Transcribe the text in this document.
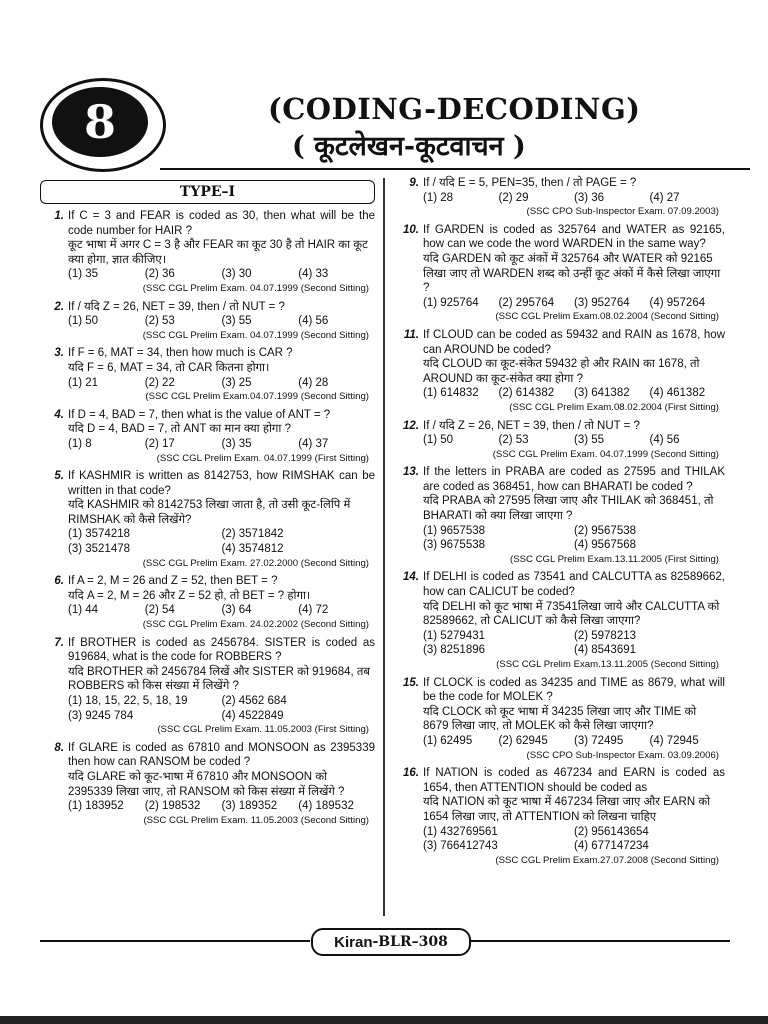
8	(CODING-DECODING)
( कूटलेखन-कूटवाचन )
TYPE–I
1. If C = 3 and FEAR is coded as 30, then what will be the code number for HAIR ?
कूट भाषा में अगर C = 3 है और FEAR का कूट 30 है तो HAIR का कूट क्या होगा, ज्ञात कीजिए।
(1) 35	(2) 36	(3) 30	(4) 33
(SSC CGL Prelim Exam. 04.07.1999 (Second Sitting)
2. If / यदि Z = 26, NET = 39, then / तो NUT = ?
(1) 50	(2) 53	(3) 55	(4) 56
(SSC CGL Prelim Exam. 04.07.1999 (Second Sitting)
3. If F = 6, MAT = 34, then how much is CAR ?
यदि F = 6, MAT = 34, तो CAR कितना होगा।
(1) 21	(2) 22	(3) 25	(4) 28
(SSC CGL Prelim Exam.04.07.1999 (Second Sitting)
4. If D = 4, BAD = 7, then what is the value of ANT = ?
यदि D = 4, BAD = 7, तो ANT का मान क्या होगा ?
(1) 8	(2) 17	(3) 35	(4) 37
(SSC CGL Prelim Exam. 04.07.1999 (First Sitting)
5. If KASHMIR is written as 8142753, how RIMSHAK can be written in that code?
यदि KASHMIR को 8142753 लिखा जाता है, तो उसी कूट-लिपि में RIMSHAK को कैसे लिखेंगे?
(1) 3574218	(2) 3571842
(3) 3521478	(4) 3574812
(SSC CGL Prelim Exam. 27.02.2000 (Second Sitting)
6. If A = 2, M = 26 and Z = 52, then BET = ?
यदि A = 2, M = 26 और Z = 52 हो, तो BET = ? होगा।
(1) 44	(2) 54	(3) 64	(4) 72
(SSC CGL Prelim Exam. 24.02.2002 (Second Sitting)
7. If BROTHER is coded as 2456784. SISTER is coded as 919684, what is the code for ROBBERS ?
यदि BROTHER को 2456784 लिखें और SISTER को 919684, तब ROBBERS को किस संख्या में लिखेंगे ?
(1) 18, 15, 22, 5, 18, 19	(2) 4562 684
(3) 9245 784	(4) 4522849
(SSC CGL Prelim Exam. 11.05.2003 (First Sitting)
8. If GLARE is coded as 67810 and MONSOON as 2395339 then how can RANSOM be coded ?
यदि GLARE को कूट-भाषा में 67810 और MONSOON को 2395339 लिखा जाए, तो RANSOM को किस संख्या में लिखेंगे ?
(1) 183952	(2) 198532	(3) 189352	(4) 189532
(SSC CGL Prelim Exam. 11.05.2003 (Second Sitting)
9. If / यदि E = 5, PEN=35, then / तो PAGE = ?
(1) 28	(2) 29	(3) 36	(4) 27
(SSC CPO Sub-Inspector Exam. 07.09.2003)
10. If GARDEN is coded as 325764 and WATER as 92165, how can we code the word WARDEN in the same way?
यदि GARDEN को कूट अंकों में 325764 और WATER को 92165 लिखा जाए तो WARDEN शब्द को उन्हीं कूट अंकों में कैसे लिखा जाएगा ?
(1) 925764	(2) 295764	(3) 952764	(4) 957264
(SSC CGL Prelim Exam.08.02.2004 (Second Sitting)
11. If CLOUD can be coded as 59432 and RAIN as 1678, how can AROUND be coded?
यदि CLOUD का कूट-संकेत 59432 हो और RAIN का 1678, तो AROUND का कूट-संकेत क्या होगा ?
(1) 614832	(2) 614382	(3) 641382	(4) 461382
(SSC CGL Prelim Exam.08.02.2004 (First Sitting)
12. If / यदि Z = 26, NET = 39, then / तो NUT = ?
(1) 50	(2) 53	(3) 55	(4) 56
(SSC CGL Prelim Exam. 04.07.1999 (Second Sitting)
13. If the letters in PRABA are coded as 27595 and THILAK are coded as 368451, how can BHARATI be coded ?
यदि PRABA को 27595 लिखा जाए और THILAK को 368451, तो BHARATI को क्या लिखा जाएगा ?
(1) 9657538	(2) 9567538
(3) 9675538	(4) 9567568
(SSC CGL Prelim Exam.13.11.2005 (First Sitting)
14. If DELHI is coded as 73541 and CALCUTTA as 82589662, how can CALICUT be coded?
यदि DELHI को कूट भाषा में 73541लिखा जाये और CALCUTTA को 82589662, तो CALICUT को कैसे लिखा जाएगा?
(1) 5279431	(2) 5978213
(3) 8251896	(4) 8543691
(SSC CGL Prelim Exam.13.11.2005 (Second Sitting)
15. If CLOCK is coded as 34235 and TIME as 8679, what will be the code for MOLEK ?
यदि CLOCK को कूट भाषा में 34235 लिखा जाए और TIME को 8679 लिखा जाए, तो MOLEK को कैसे लिखा जाएगा?
(1) 62495	(2) 62945	(3) 72495	(4) 72945
(SSC CPO Sub-Inspector Exam. 03.09.2006)
16. If NATION is coded as 467234 and EARN is coded as 1654, then ATTENTION should be coded as
यदि NATION को कूट भाषा में 467234 लिखा जाए और EARN को 1654 लिखा जाए, तो ATTENTION को लिखना चाहिए
(1) 432769561	(2) 956143654
(3) 766412743	(4) 677147234
(SSC CGL Prelim Exam.27.07.2008 (Second Sitting)
Kiran -BLR–308
